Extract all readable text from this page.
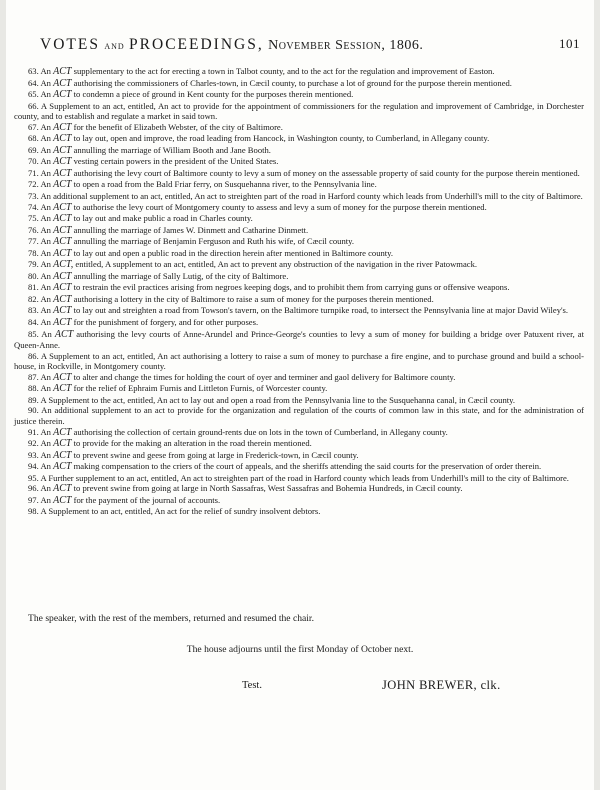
VOTES and PROCEEDINGS, November Session, 1806.	101

63. An ACT supplementary to the act for erecting a town in Talbot county, and to the act for the regulation and improvement of Easton.

64. An ACT authorising the commissioners of Charles-town, in Cæcil county, to purchase a lot of ground for the purpose therein mentioned.

65. An ACT to condemn a piece of ground in Kent county for the purposes therein mentioned.

66. A Supplement to an act, entitled, An act to provide for the appointment of commissioners for the regulation and improvement of Cambridge, in Dorchester county, and to establish and regulate a market in said town.

67. An ACT for the benefit of Elizabeth Webster, of the city of Baltimore.

68. An ACT to lay out, open and improve, the road leading from Hancock, in Washington county, to Cumberland, in Allegany county.

69. An ACT annulling the marriage of William Booth and Jane Booth.

70. An ACT vesting certain powers in the president of the United States.

71. An ACT authorising the levy court of Baltimore county to levy a sum of money on the assessable property of said county for the purpose therein mentioned.

72. An ACT to open a road from the Bald Friar ferry, on Susquehanna river, to the Pennsylvania line.

73. An additional supplement to an act, entitled, An act to streighten part of the road in Harford county which leads from Underhill's mill to the city of Baltimore.

74. An ACT to authorise the levy court of Montgomery county to assess and levy a sum of money for the purpose therein mentioned.

75. An ACT to lay out and make public a road in Charles county.

76. An ACT annulling the marriage of James W. Dinmett and Catharine Dinmett.

77. An ACT annulling the marriage of Benjamin Ferguson and Ruth his wife, of Cæcil county.

78. An ACT to lay out and open a public road in the direction herein after mentioned in Baltimore county.

79. An ACT, entitled, A supplement to an act, entitled, An act to prevent any obstruction of the navigation in the river Patowmack.

80. An ACT annulling the marriage of Sally Lutig, of the city of Baltimore.

81. An ACT to restrain the evil practices arising from negroes keeping dogs, and to prohibit them from carrying guns or offensive weapons.

82. An ACT authorising a lottery in the city of Baltimore to raise a sum of money for the purposes therein mentioned.

83. An ACT to lay out and streighten a road from Towson's tavern, on the Baltimore turnpike road, to intersect the Pennsylvania line at major David Wiley's.

84. An ACT for the punishment of forgery, and for other purposes.

85. An ACT authorising the levy courts of Anne-Arundel and Prince-George's counties to levy a sum of money for building a bridge over Patuxent river, at Queen-Anne.

86. A Supplement to an act, entitled, An act authorising a lottery to raise a sum of money to purchase a fire engine, and to purchase ground and build a school-house, in Rockville, in Montgomery county.

87. An ACT to alter and change the times for holding the court of oyer and terminer and gaol delivery for Baltimore county.

88. An ACT for the relief of Ephraim Furnis and Littleton Furnis, of Worcester county.

89. A Supplement to the act, entitled, An act to lay out and open a road from the Pennsylvania line to the Susquehanna canal, in Cæcil county.

90. An additional supplement to an act to provide for the organization and regulation of the courts of common law in this state, and for the administration of justice therein.

91. An ACT authorising the collection of certain ground-rents due on lots in the town of Cumberland, in Allegany county.

92. An ACT to provide for the making an alteration in the road therein mentioned.

93. An ACT to prevent swine and geese from going at large in Frederick-town, in Cæcil county.

94. An ACT making compensation to the criers of the court of appeals, and the sheriffs attending the said courts for the preservation of order therein.

95. A Further supplement to an act, entitled, An act to streighten part of the road in Harford county which leads from Underhill's mill to the city of Baltimore.

96. An ACT to prevent swine from going at large in North Sassafras, West Sassafras and Bohemia Hundreds, in Cæcil county.

97. An ACT for the payment of the journal of accounts.

98. A Supplement to an act, entitled, An act for the relief of sundry insolvent debtors.

The speaker, with the rest of the members, returned and resumed the chair.
The house adjourns until the first Monday of October next.
Test.	JOHN BREWER, clk.
